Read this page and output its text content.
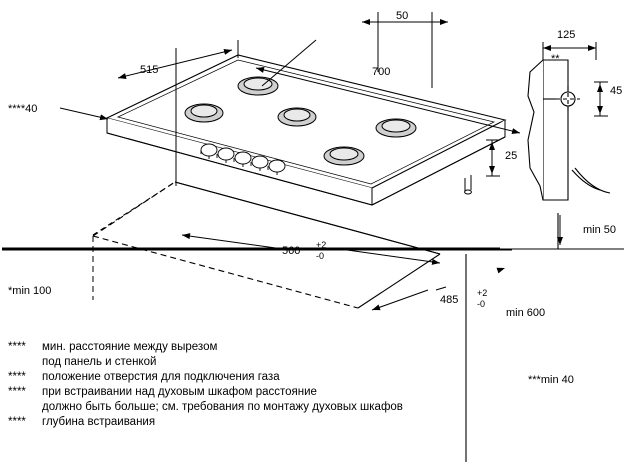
50
515	700
125
**
45
****40
25
560 +2
-0
485
+2
-0
min 50
*min 100
min 600
***min 40
****	мин. расстояние между вырезом
под панель и стенкой
****	положение отверстия для подключения газа
****	при встраивании над духовым шкафом расстояние
должно быть больше; см. требования по монтажу духовых шкафов
****	глубина встраивания
